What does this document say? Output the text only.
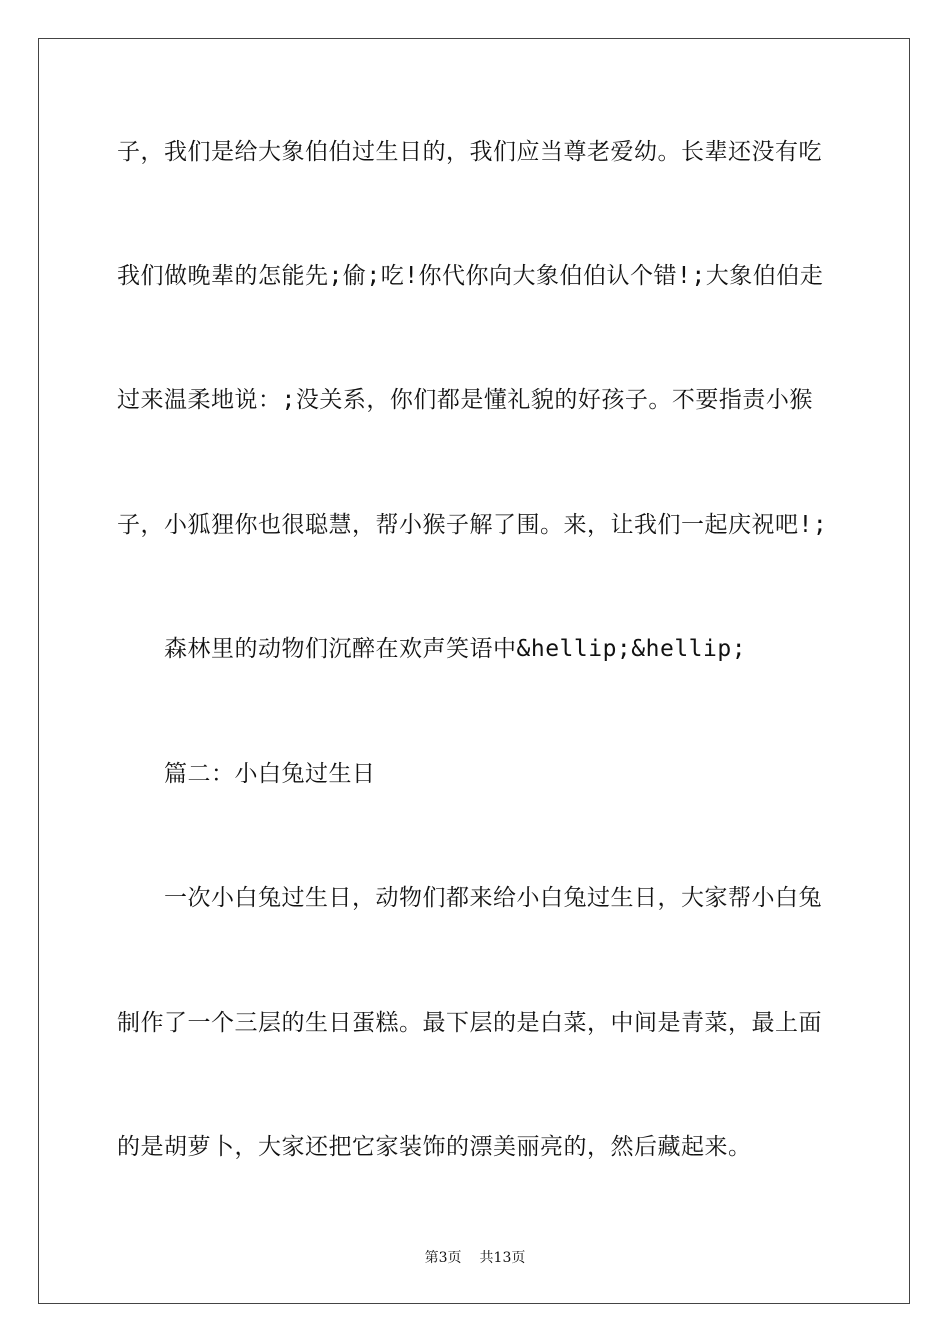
子，我们是给大象伯伯过生日的，我们应当尊老爱幼。长辈还没有吃
我们做晚辈的怎能先;偷;吃!你代你向大象伯伯认个错!;大象伯伯走
过来温柔地说：;没关系，你们都是懂礼貌的好孩子。不要指责小猴
子，小狐狸你也很聪慧，帮小猴子解了围。来，让我们一起庆祝吧!;
森林里的动物们沉醉在欢声笑语中&hellip;&hellip;
篇二：小白兔过生日
一次小白兔过生日，动物们都来给小白兔过生日，大家帮小白兔
制作了一个三层的生日蛋糕。最下层的是白菜，中间是青菜，最上面
的是胡萝卜，大家还把它家装饰的漂美丽亮的，然后藏起来。
第3页 共13页
